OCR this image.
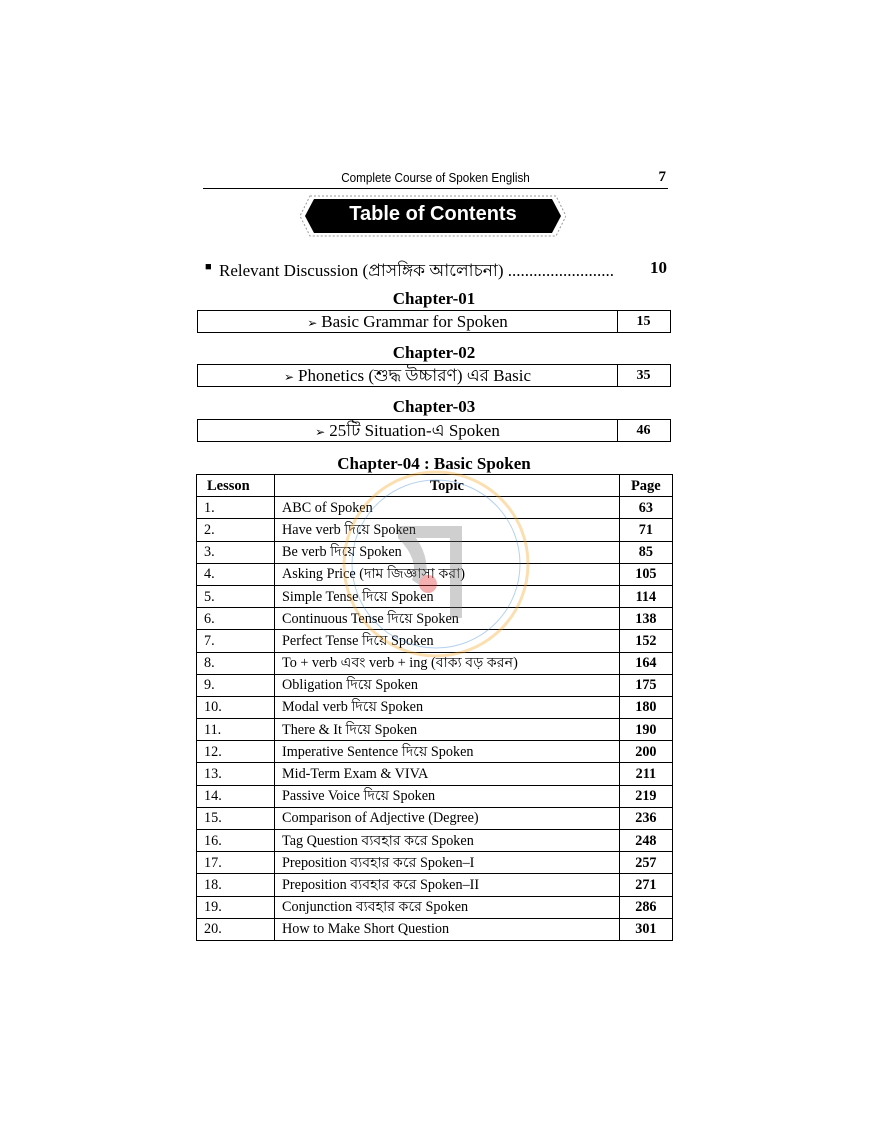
Complete Course of Spoken English	7
Table of Contents
■ Relevant Discussion (প্রাসঙ্গিক আলোচনা) ......................... 10
Chapter-01
➢ Basic Grammar for Spoken	15
Chapter-02
➢ Phonetics (শুদ্ধ উচ্চারণ) এর Basic	35
Chapter-03
➢ 25টি Situation-এ Spoken	46
Chapter-04 : Basic Spoken
Lesson	Topic	Page
1.	ABC of Spoken	63
2.	Have verb দিয়ে Spoken	71
3.	Be verb দিয়ে Spoken	85
4.	Asking Price (দাম জিজ্ঞাসা করা)	105
5.	Simple Tense দিয়ে Spoken	114
6.	Continuous Tense দিয়ে Spoken	138
7.	Perfect Tense দিয়ে Spoken	152
8.	To + verb এবং verb + ing (বাক্য বড় করন)	164
9.	Obligation দিয়ে Spoken	175
10.	Modal verb দিয়ে Spoken	180
11.	There & It দিয়ে Spoken	190
12.	Imperative Sentence দিয়ে Spoken	200
13.	Mid-Term Exam & VIVA	211
14.	Passive Voice দিয়ে Spoken	219
15.	Comparison of Adjective (Degree)	236
16.	Tag Question ব্যবহার করে Spoken	248
17.	Preposition ব্যবহার করে Spoken–I	257
18.	Preposition ব্যবহার করে Spoken–II	271
19.	Conjunction ব্যবহার করে Spoken	286
20.	How to Make Short Question	301
